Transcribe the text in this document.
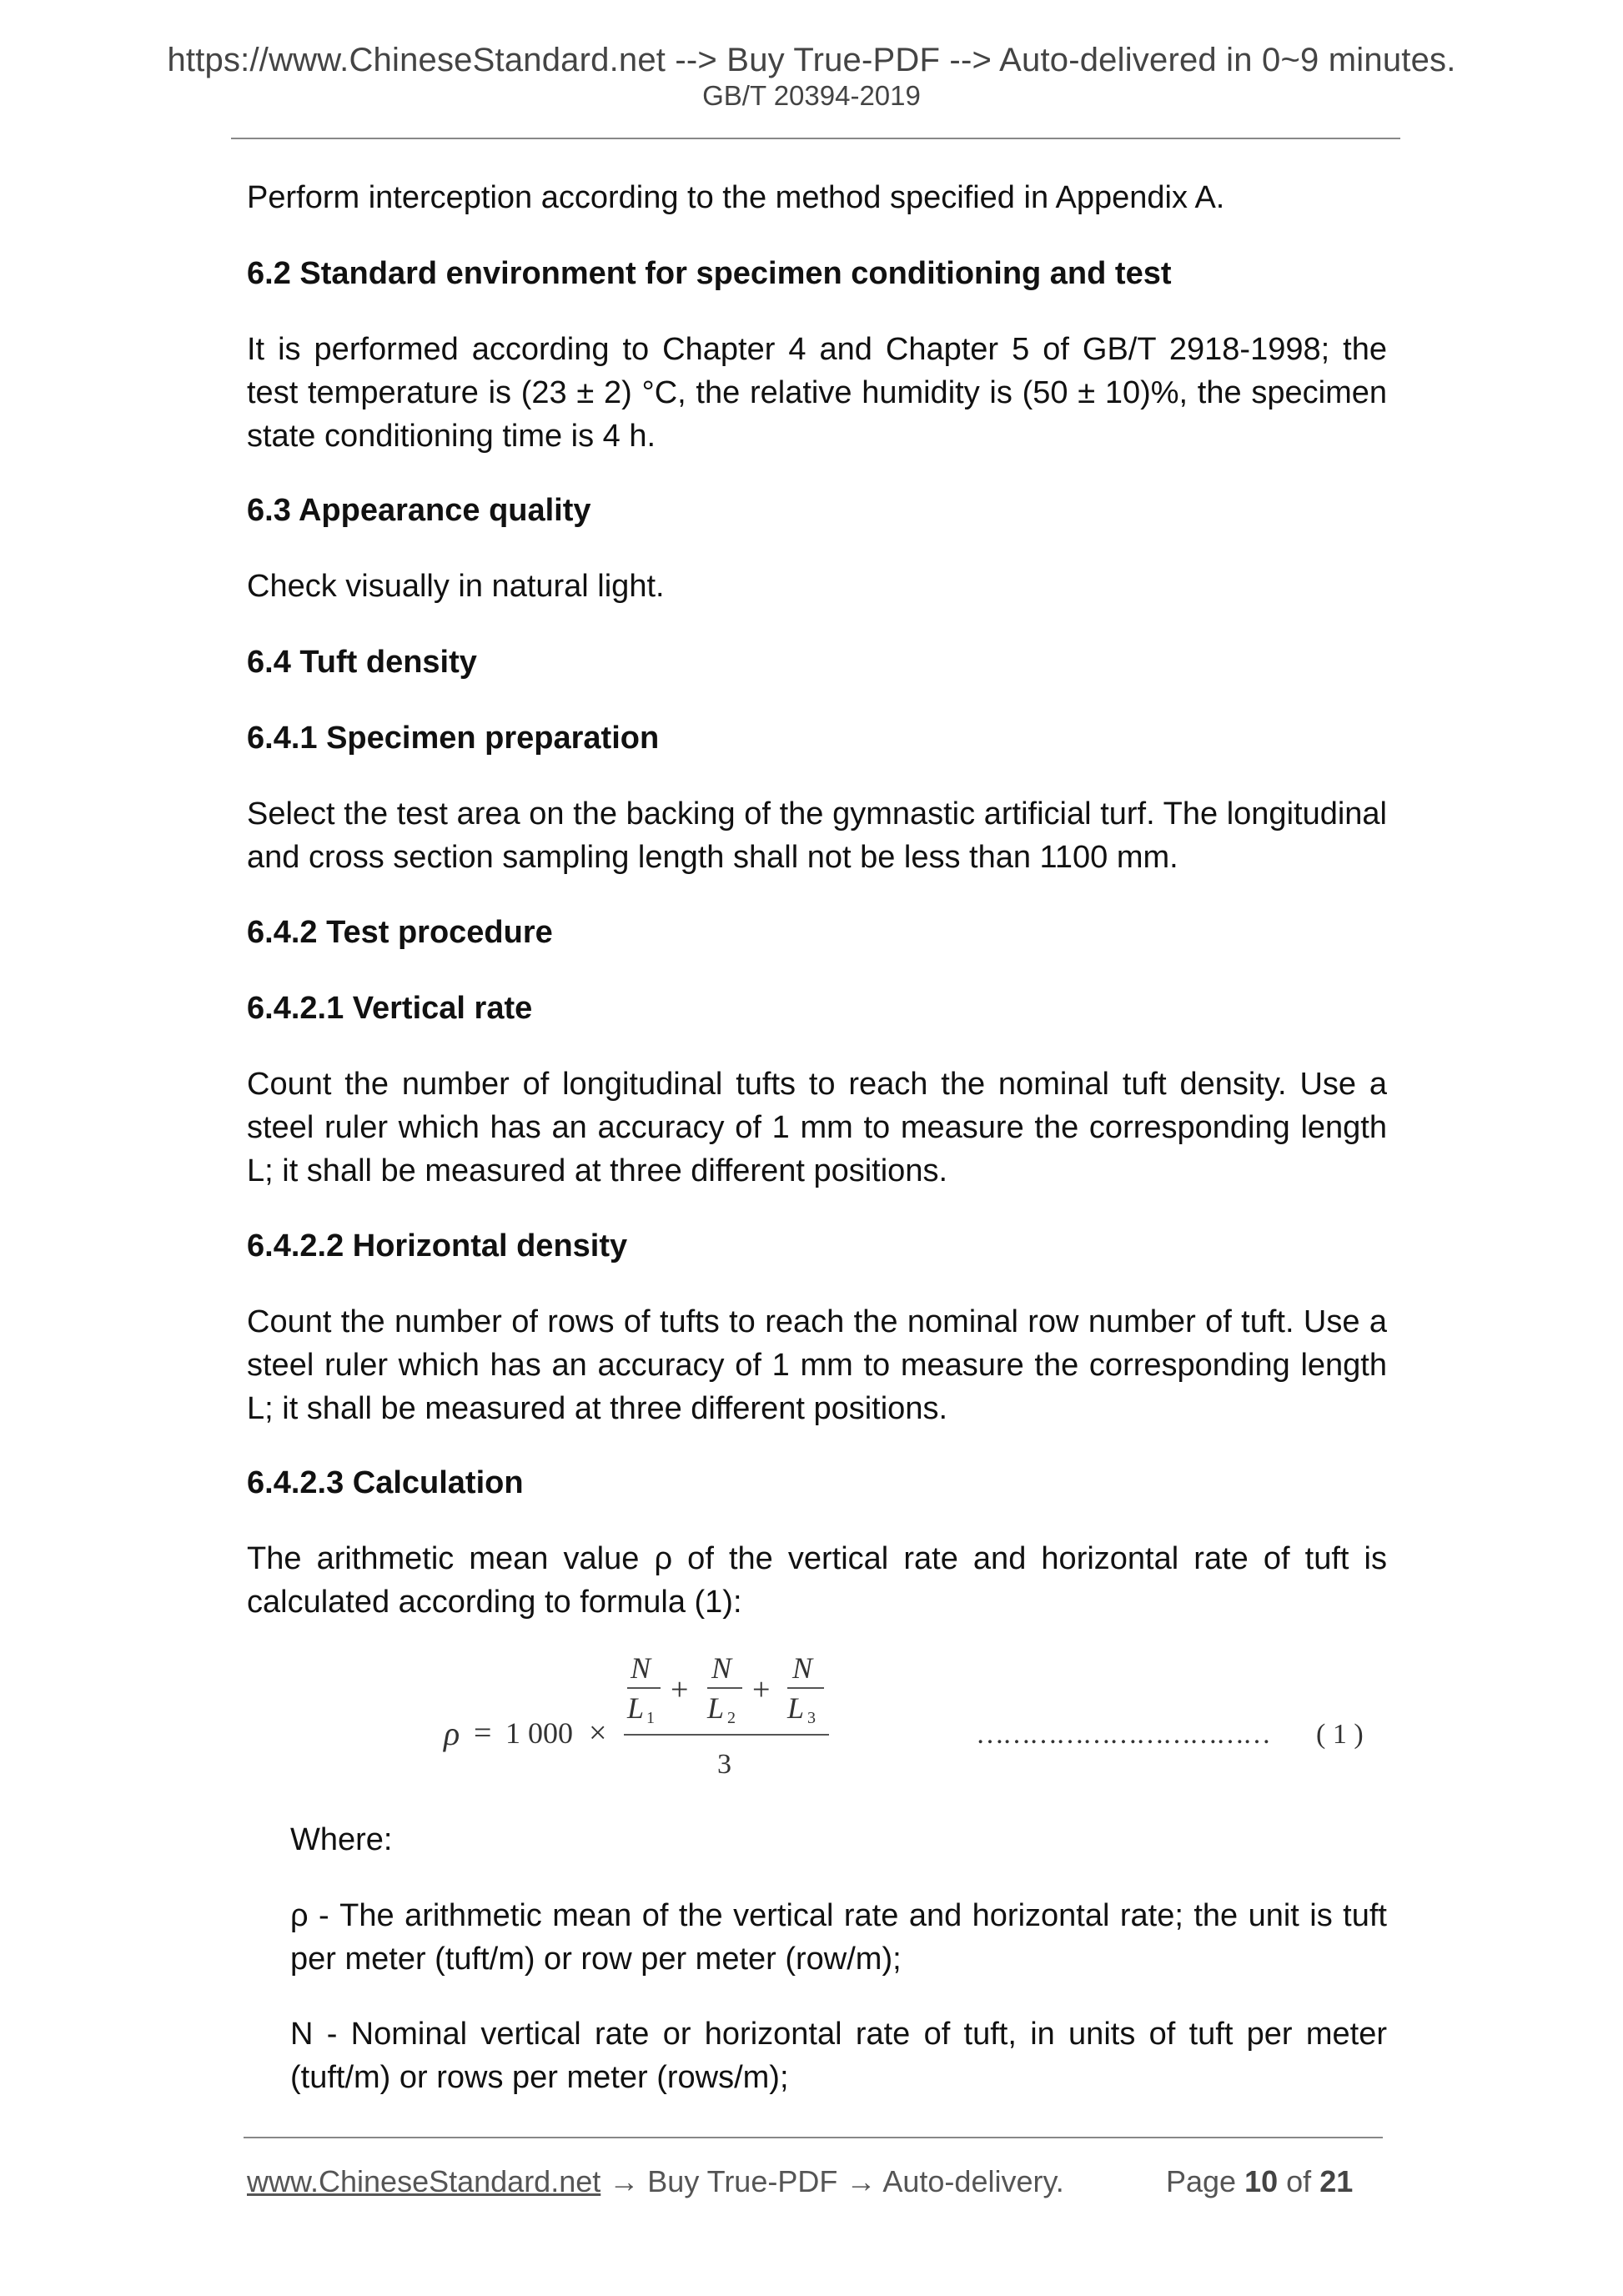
https://www.ChineseStandard.net --> Buy True-PDF --> Auto-delivered in 0~9 minutes.
GB/T 20394-2019

Perform interception according to the method specified in Appendix A.

6.2 Standard environment for specimen conditioning and test

It is performed according to Chapter 4 and Chapter 5 of GB/T 2918-1998; the test temperature is (23 ± 2) °C, the relative humidity is (50 ± 10)%, the specimen state conditioning time is 4 h.

6.3 Appearance quality

Check visually in natural light.

6.4 Tuft density

6.4.1 Specimen preparation

Select the test area on the backing of the gymnastic artificial turf. The longitudinal and cross section sampling length shall not be less than 1100 mm.

6.4.2 Test procedure

6.4.2.1 Vertical rate

Count the number of longitudinal tufts to reach the nominal tuft density. Use a steel ruler which has an accuracy of 1 mm to measure the corresponding length L; it shall be measured at three different positions.

6.4.2.2 Horizontal density

Count the number of rows of tufts to reach the nominal row number of tuft. Use a steel ruler which has an accuracy of 1 mm to measure the corresponding length L; it shall be measured at three different positions.

6.4.2.3 Calculation

The arithmetic mean value ρ of the vertical rate and horizontal rate of tuft is calculated according to formula (1):

Where:

ρ - The arithmetic mean of the vertical rate and horizontal rate; the unit is tuft per meter (tuft/m) or row per meter (row/m);

N - Nominal vertical rate or horizontal rate of tuft, in units of tuft per meter (tuft/m) or rows per meter (rows/m);

ρ = 1 000 ×
N
L 1
+
N
L 2
+
N
L 3
3
…………………………… ( 1 )
www.ChineseStandard.net → Buy True-PDF → Auto-delivery.	Page 10 of 21
